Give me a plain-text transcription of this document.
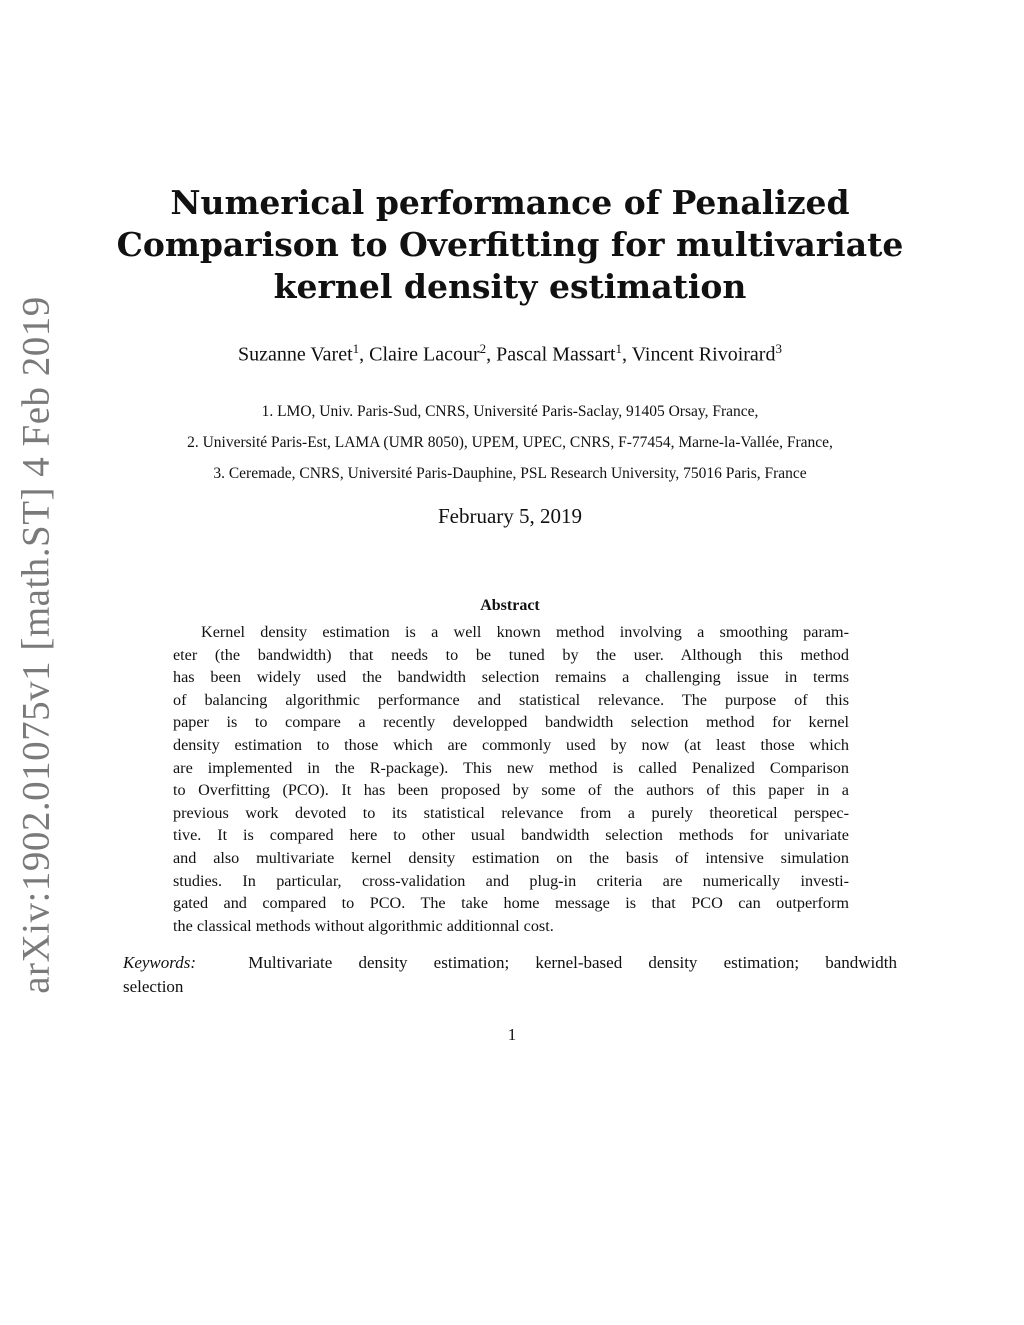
arXiv:1902.01075v1 [math.ST] 4 Feb 2019
Numerical performance of Penalized
Comparison to Overfitting for multivariate
kernel density estimation
Suzanne Varet$^1$, Claire Lacour$^2$, Pascal Massart$^1$, Vincent Rivoirard$^3$
1. LMO, Univ. Paris-Sud, CNRS, Université Paris-Saclay, 91405 Orsay, France,
2. Université Paris-Est, LAMA (UMR 8050), UPEM, UPEC, CNRS, F-77454, Marne-la-Vallée, France,
3. Ceremade, CNRS, Université Paris-Dauphine, PSL Research University, 75016 Paris, France
February 5, 2019
Abstract
Kernel density estimation is a well known method involving a smoothing param-
eter (the bandwidth) that needs to be tuned by the user. Although this method
has been widely used the bandwidth selection remains a challenging issue in terms
of balancing algorithmic performance and statistical relevance. The purpose of this
paper is to compare a recently developped bandwidth selection method for kernel
density estimation to those which are commonly used by now (at least those which
are implemented in the R-package). This new method is called Penalized Comparison
to Overfitting (PCO). It has been proposed by some of the authors of this paper in a
previous work devoted to its statistical relevance from a purely theoretical perspec-
tive. It is compared here to other usual bandwidth selection methods for univariate
and also multivariate kernel density estimation on the basis of intensive simulation
studies. In particular, cross-validation and plug-in criteria are numerically investi-
gated and compared to PCO. The take home message is that PCO can outperform
the classical methods without algorithmic additionnal cost.
Keywords:	Multivariate density estimation; kernel-based density estimation; bandwidth
selection
1
